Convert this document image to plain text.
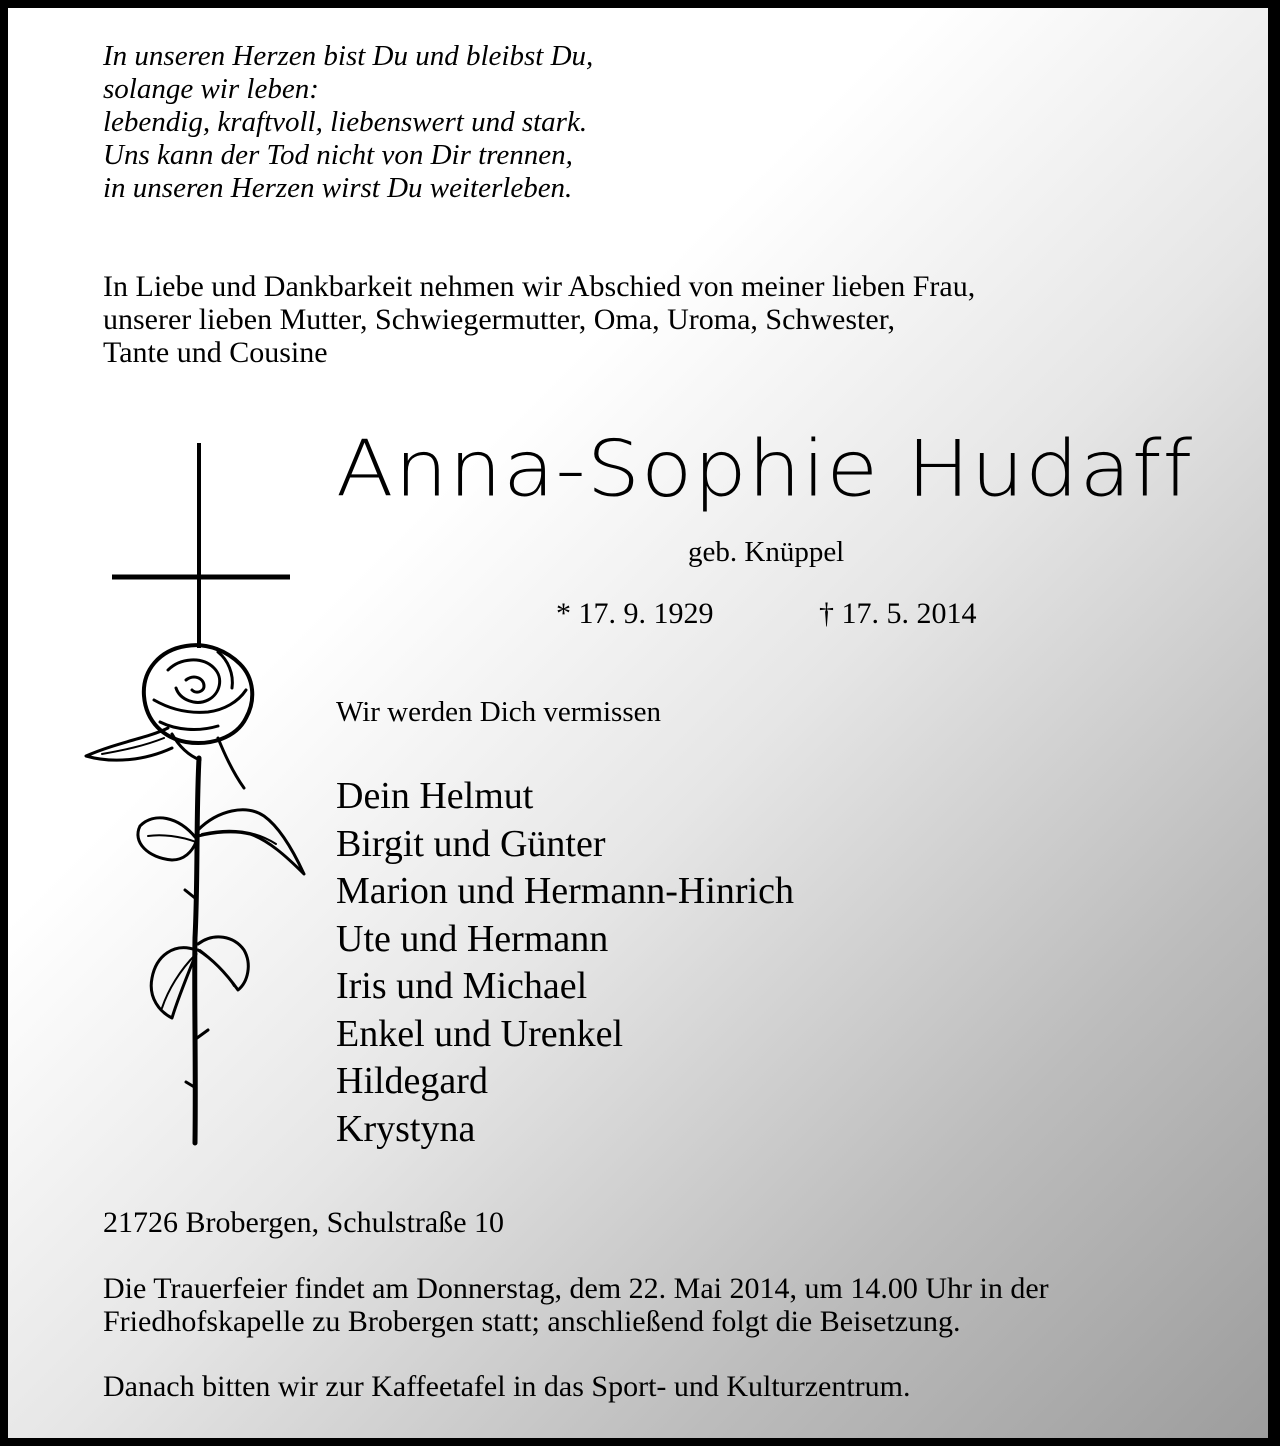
In unseren Herzen bist Du und bleibst Du,
solange wir leben:
lebendig, kraftvoll, liebenswert und stark.
Uns kann der Tod nicht von Dir trennen,
in unseren Herzen wirst Du weiterleben.
In Liebe und Dankbarkeit nehmen wir Abschied von meiner lieben Frau,
unserer lieben Mutter, Schwiegermutter, Oma, Uroma, Schwester,
Tante und Cousine
Anna-Sophie Hudaff
geb. Knüppel
* 17. 9. 1929	† 17. 5. 2014
Wir werden Dich vermissen
Dein Helmut
Birgit und Günter
Marion und Hermann-Hinrich
Ute und Hermann
Iris und Michael
Enkel und Urenkel
Hildegard
Krystyna
21726 Brobergen, Schulstraße 10
Die Trauerfeier findet am Donnerstag, dem 22. Mai 2014, um 14.00 Uhr in der
Friedhofskapelle zu Brobergen statt; anschließend folgt die Beisetzung.
Danach bitten wir zur Kaffeetafel in das Sport- und Kulturzentrum.
